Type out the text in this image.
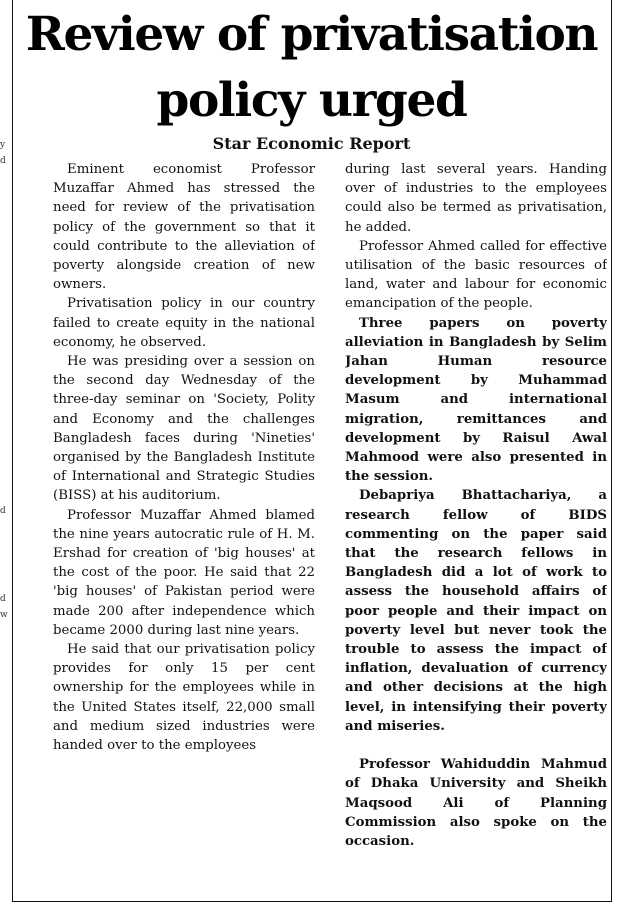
y
d
d
d
w
Review of privatisation policy urged
Star Economic Report

Eminent economist Professor Muzaffar Ahmed has stressed the need for review of the privatisation policy of the government so that it could contribute to the alleviation of poverty alongside creation of new owners.

Privatisation policy in our country failed to create equity in the national economy, he observed.

He was presiding over a session on the second day Wednesday of the three-day seminar on 'Society, Polity and Economy and the challenges Bangladesh faces during 'Nineties' organised by the Bangladesh Institute of International and Strategic Studies (BISS) at his auditorium.

Professor Muzaffar Ahmed blamed the nine years autocratic rule of H. M. Ershad for creation of 'big houses' at the cost of the poor. He said that 22 'big houses' of Pakistan period were made 200 after independence which became 2000 during last nine years.

He said that our privatisation policy provides for only 15 per cent ownership for the employees while in the United States itself, 22,000 small and medium sized industries were handed over to the employees

during last several years. Handing over of industries to the employees could also be termed as privatisation, he added.

Professor Ahmed called for effective utilisation of the basic resources of land, water and labour for economic emancipation of the people.

Three papers on poverty alleviation in Bangladesh by Selim Jahan Human resource development by Muhammad Masum and international migration, remittances and development by Raisul Awal Mahmood were also presented in the session.

Debapriya Bhattachariya, a research fellow of BIDS commenting on the paper said that the research fellows in Bangladesh did a lot of work to assess the household affairs of poor people and their impact on poverty level but never took the trouble to assess the impact of inflation, devaluation of currency and other decisions at the high level, in intensifying their poverty and miseries.

Professor Wahiduddin Mahmud of Dhaka University and Sheikh Maqsood Ali of Planning Commission also spoke on the occasion.
